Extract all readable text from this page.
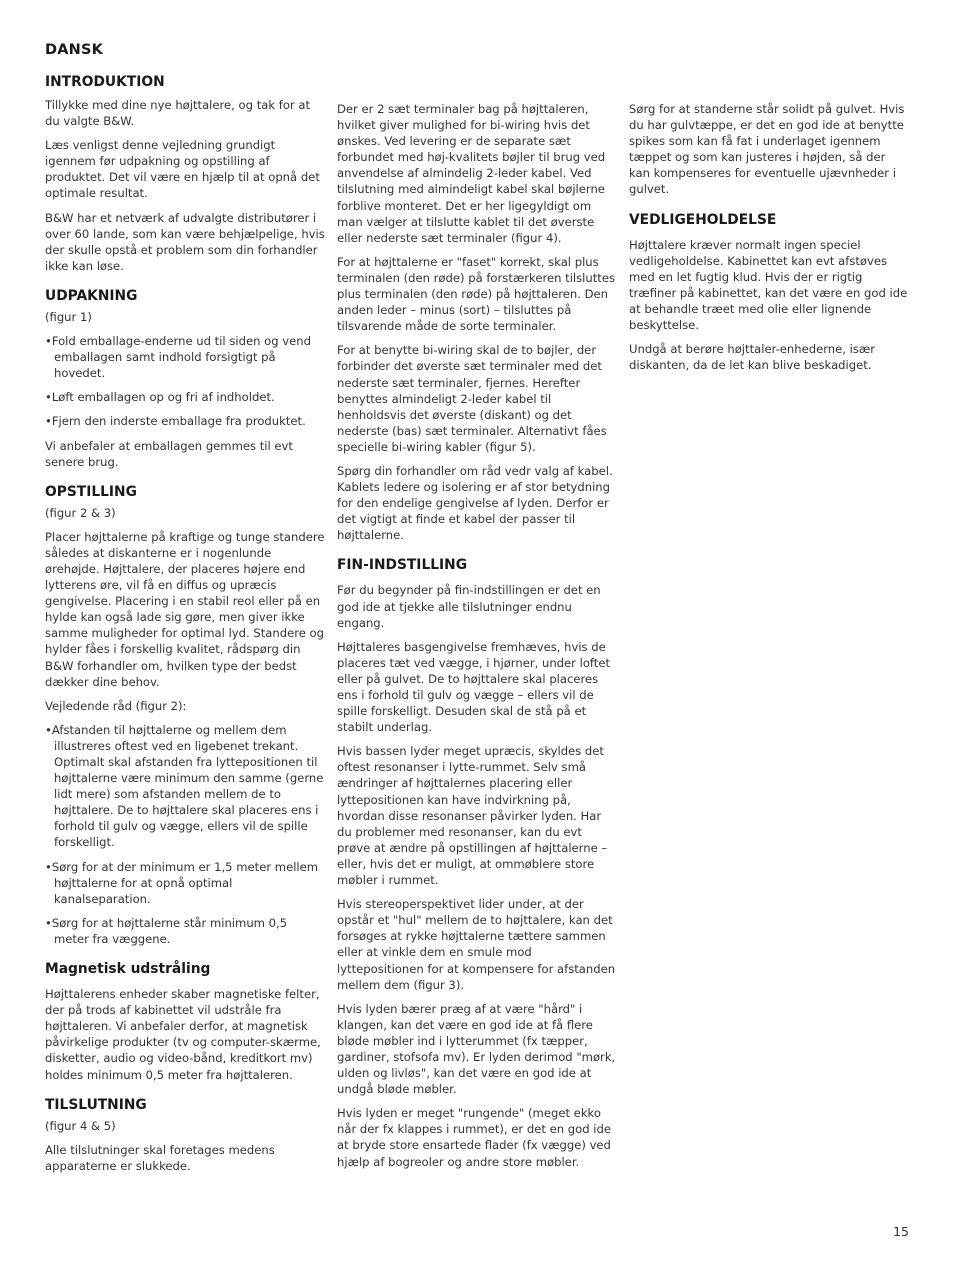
DANSK
INTRODUKTION

Tillykke med dine nye højttalere, og tak for at du valgte B&W.

Læs venligst denne vejledning grundigt igennem før udpakning og opstilling af produktet. Det vil være en hjælp til at opnå det optimale resultat.

B&W har et netværk af udvalgte distributører i over 60 lande, som kan være behjælpelige, hvis der skulle opstå et problem som din forhandler ikke kan løse.

UDPAKNING
(figur 1)

•Fold emballage-enderne ud til siden og vend emballagen samt indhold forsigtigt på hovedet.

•Løft emballagen op og fri af indholdet.

•Fjern den inderste emballage fra produktet.

Vi anbefaler at emballagen gemmes til evt senere brug.

OPSTILLING
(figur 2 & 3)

Placer højttalerne på kraftige og tunge standere således at diskanterne er i nogenlunde ørehøjde. Højttalere, der placeres højere end lytterens øre, vil få en diffus og upræcis gengivelse. Placering i en stabil reol eller på en hylde kan også lade sig gøre, men giver ikke samme muligheder for optimal lyd. Standere og hylder fåes i forskellig kvalitet, rådspørg din B&W forhandler om, hvilken type der bedst dækker dine behov.

Vejledende råd (figur 2):

•Afstanden til højttalerne og mellem dem illustreres oftest ved en ligebenet trekant. Optimalt skal afstanden fra lyttepositionen til højttalerne være minimum den samme (gerne lidt mere) som afstanden mellem de to højttalere. De to højttalere skal placeres ens i forhold til gulv og vægge, ellers vil de spille forskelligt.

•Sørg for at der minimum er 1,5 meter mellem højttalerne for at opnå optimal kanalseparation.

•Sørg for at højttalerne står minimum 0,5 meter fra væggene.

Magnetisk udstråling

Højttalerens enheder skaber magnetiske felter, der på trods af kabinettet vil udstråle fra højttaleren. Vi anbefaler derfor, at magnetisk påvirkelige produkter (tv og computer-skærme, disketter, audio og video-bånd, kreditkort mv) holdes minimum 0,5 meter fra højttaleren.

TILSLUTNING
(figur 4 & 5)

Alle tilslutninger skal foretages medens apparaterne er slukkede.

Der er 2 sæt terminaler bag på højttaleren, hvilket giver mulighed for bi-wiring hvis det ønskes. Ved levering er de separate sæt forbundet med høj-kvalitets bøjler til brug ved anvendelse af almindelig 2-leder kabel. Ved tilslutning med almindeligt kabel skal bøjlerne forblive monteret. Det er her ligegyldigt om man vælger at tilslutte kablet til det øverste eller nederste sæt terminaler (figur 4).

For at højttalerne er "faset" korrekt, skal plus terminalen (den røde) på forstærkeren tilsluttes plus terminalen (den røde) på højttaleren. Den anden leder – minus (sort) – tilsluttes på tilsvarende måde de sorte terminaler.

For at benytte bi-wiring skal de to bøjler, der forbinder det øverste sæt terminaler med det nederste sæt terminaler, fjernes. Herefter benyttes almindeligt 2-leder kabel til henholdsvis det øverste (diskant) og det nederste (bas) sæt terminaler. Alternativt fåes specielle bi-wiring kabler (figur 5).

Spørg din forhandler om råd vedr valg af kabel. Kablets ledere og isolering er af stor betydning for den endelige gengivelse af lyden. Derfor er det vigtigt at finde et kabel der passer til højttalerne.

FIN-INDSTILLING

Før du begynder på fin-indstillingen er det en god ide at tjekke alle tilslutninger endnu engang.

Højttaleres basgengivelse fremhæves, hvis de placeres tæt ved vægge, i hjørner, under loftet eller på gulvet. De to højttalere skal placeres ens i forhold til gulv og vægge – ellers vil de spille forskelligt. Desuden skal de stå på et stabilt underlag.

Hvis bassen lyder meget upræcis, skyldes det oftest resonanser i lytte-rummet. Selv små ændringer af højttalernes placering eller lyttepositionen kan have indvirkning på, hvordan disse resonanser påvirker lyden. Har du problemer med resonanser, kan du evt prøve at ændre på opstillingen af højttalerne – eller, hvis det er muligt, at ommøblere store møbler i rummet.

Hvis stereoperspektivet lider under, at der opstår et "hul" mellem de to højttalere, kan det forsøges at rykke højttalerne tættere sammen eller at vinkle dem en smule mod lyttepositionen for at kompensere for afstanden mellem dem (figur 3).

Hvis lyden bærer præg af at være "hård" i klangen, kan det være en god ide at få flere bløde møbler ind i lytterummet (fx tæpper, gardiner, stofsofa mv). Er lyden derimod "mørk, ulden og livløs", kan det være en god ide at undgå bløde møbler.

Hvis lyden er meget "rungende" (meget ekko når der fx klappes i rummet), er det en god ide at bryde store ensartede flader (fx vægge) ved hjælp af bogreoler og andre store møbler.

Sørg for at standerne står solidt på gulvet. Hvis du har gulvtæppe, er det en god ide at benytte spikes som kan få fat i underlaget igennem tæppet og som kan justeres i højden, så der kan kompenseres for eventuelle ujævnheder i gulvet.

VEDLIGEHOLDELSE

Højttalere kræver normalt ingen speciel vedligeholdelse. Kabinettet kan evt afstøves med en let fugtig klud. Hvis der er rigtig træfiner på kabinettet, kan det være en god ide at behandle træet med olie eller lignende beskyttelse.

Undgå at berøre højttaler-enhederne, især diskanten, da de let kan blive beskadiget.

15
